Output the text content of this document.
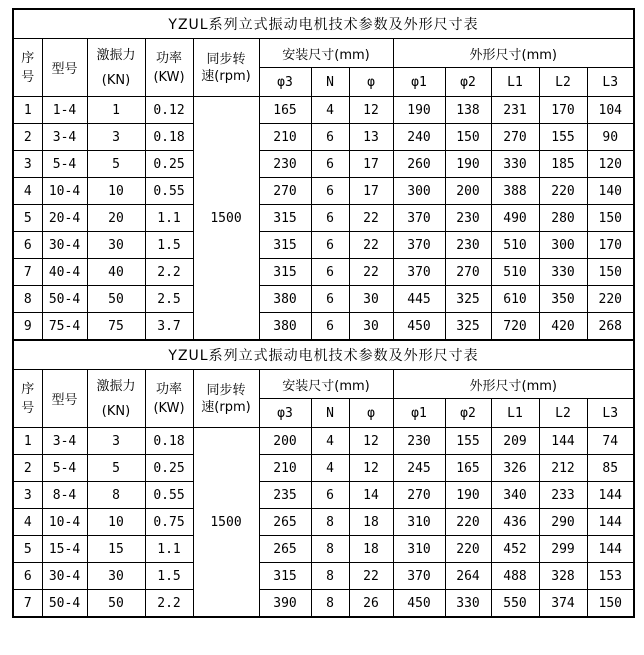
YZUL系列立式振动电机技术参数及外形尺寸表												

序
号	型号	激振力
(KN)	功率
(KW)	同步转
速(rpm)	安装尺寸(mm)			外形尺寸(mm)				
					φ3	N	φ	φ1	φ2	L1	L2	L3
1	1-4	1	0.12	1500	165	4	12	190	138	231	170	104
2	3-4	3	0.18		210	6	13	240	150	270	155	90
3	5-4	5	0.25		230	6	17	260	190	330	185	120
4	10-4	10	0.55		270	6	17	300	200	388	220	140
5	20-4	20	1.1		315	6	22	370	230	490	280	150
6	30-4	30	1.5		315	6	22	370	230	510	300	170
7	40-4	40	2.2		315	6	22	370	270	510	330	150
8	50-4	50	2.5		380	6	30	445	325	610	350	220
9	75-4	75	3.7		380	6	30	450	325	720	420	268
YZUL系列立式振动电机技术参数及外形尺寸表												

序
号	型号	激振力
(KN)	功率
(KW)	同步转
速(rpm)	安装尺寸(mm)			外形尺寸(mm)				
					φ3	N	φ	φ1	φ2	L1	L2	L3
1	3-4	3	0.18	1500	200	4	12	230	155	209	144	74
2	5-4	5	0.25		210	4	12	245	165	326	212	85
3	8-4	8	0.55		235	6	14	270	190	340	233	144
4	10-4	10	0.75		265	8	18	310	220	436	290	144
5	15-4	15	1.1		265	8	18	310	220	452	299	144
6	30-4	30	1.5		315	8	22	370	264	488	328	153
7	50-4	50	2.2		390	8	26	450	330	550	374	150
